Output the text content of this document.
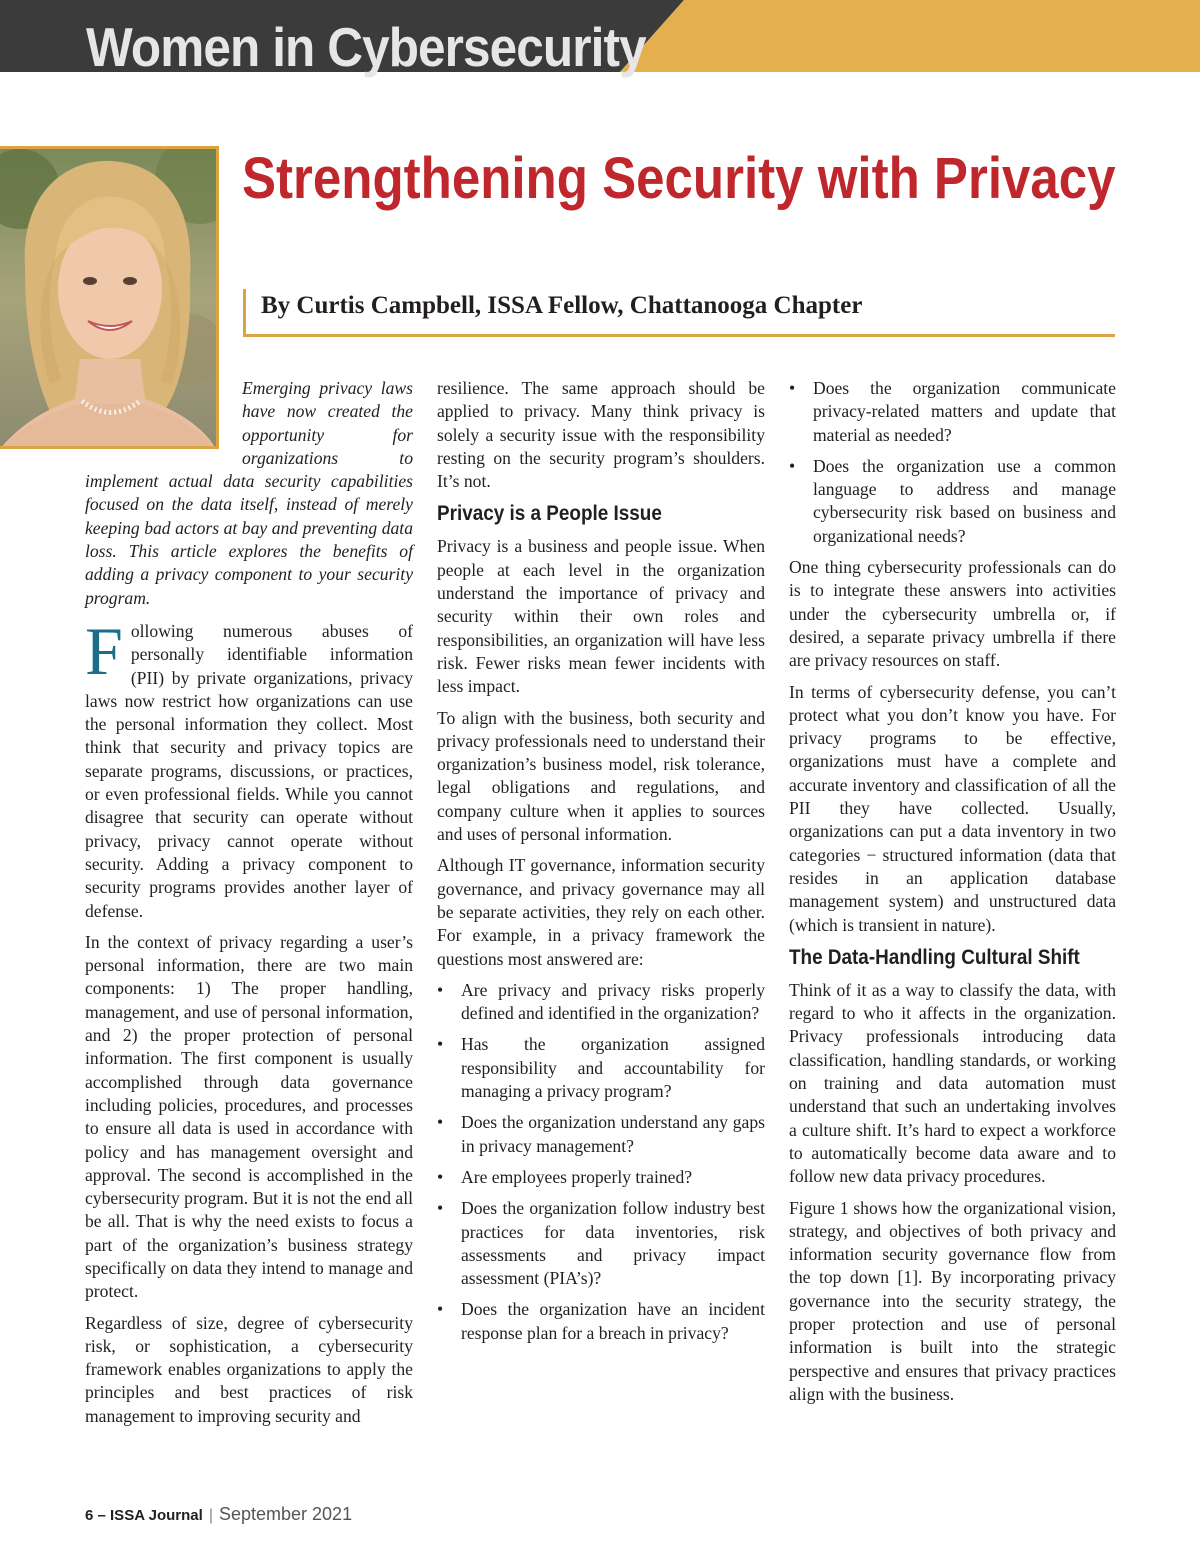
Women in Cybersecurity
Strengthening Security with Privacy
By Curtis Campbell, ISSA Fellow, Chattanooga Chapter

Emerging privacy laws have now created the opportunity for organizations to implement actual data security capabilities focused on the data itself, instead of merely keeping bad actors at bay and preventing data loss. This article explores the benefits of adding a privacy component to your security program.

Following numerous abuses of personally identifiable information (PII) by private organizations, privacy laws now restrict how organizations can use the personal information they collect. Most think that security and privacy topics are separate programs, discussions, or practices, or even professional fields. While you cannot disagree that security can operate without privacy, privacy cannot operate without security. Adding a privacy component to security programs provides another layer of defense.

In the context of privacy regarding a user’s personal information, there are two main components: 1) The proper handling, management, and use of personal information, and 2) the proper protection of personal information. The first component is usually accomplished through data governance including policies, procedures, and processes to ensure all data is used in accordance with policy and has management oversight and approval. The second is accomplished in the cybersecurity program. But it is not the end all be all. That is why the need exists to focus a part of the organization’s business strategy specifically on data they intend to manage and protect.

Regardless of size, degree of cybersecurity risk, or sophistication, a cybersecurity framework enables organizations to apply the principles and best practices of risk management to improving security and

resilience. The same approach should be applied to privacy. Many think privacy is solely a security issue with the responsibility resting on the security program’s shoulders. It’s not.

Privacy is a People Issue

Privacy is a business and people issue. When people at each level in the organization understand the importance of privacy and security within their own roles and responsibilities, an organization will have less risk. Fewer risks mean fewer incidents with less impact.

To align with the business, both security and privacy professionals need to understand their organization’s business model, risk tolerance, legal obligations and regulations, and company culture when it applies to sources and uses of personal information.

Although IT governance, information security governance, and privacy governance may all be separate activities, they rely on each other. For example, in a privacy framework the questions most answered are:

• Are privacy and privacy risks properly defined and identified in the organization?
• Has the organization assigned responsibility and accountability for managing a privacy program?
• Does the organization understand any gaps in privacy management?
• Are employees properly trained?
• Does the organization follow industry best practices for data inventories, risk assessments and privacy impact assessment (PIA’s)?
• Does the organization have an incident response plan for a breach in privacy?
• Does the organization communicate privacy-related matters and update that material as needed?
• Does the organization use a common language to address and manage cybersecurity risk based on business and organizational needs?

One thing cybersecurity professionals can do is to integrate these answers into activities under the cybersecurity umbrella or, if desired, a separate privacy umbrella if there are privacy resources on staff.

In terms of cybersecurity defense, you can’t protect what you don’t know you have. For privacy programs to be effective, organizations must have a complete and accurate inventory and classification of all the PII they have collected. Usually, organizations can put a data inventory in two categories − structured information (data that resides in an application database management system) and unstructured data (which is transient in nature).

The Data-Handling Cultural Shift

Think of it as a way to classify the data, with regard to who it affects in the organization. Privacy professionals introducing data classification, handling standards, or working on training and data automation must understand that such an undertaking involves a culture shift. It’s hard to expect a workforce to automatically become data aware and to follow new data privacy procedures.

Figure 1 shows how the organizational vision, strategy, and objectives of both privacy and information security governance flow from the top down [1]. By incorporating privacy governance into the security strategy, the proper protection and use of personal information is built into the strategic perspective and ensures that privacy practices align with the business.

6 – ISSA Journal | September 2021
